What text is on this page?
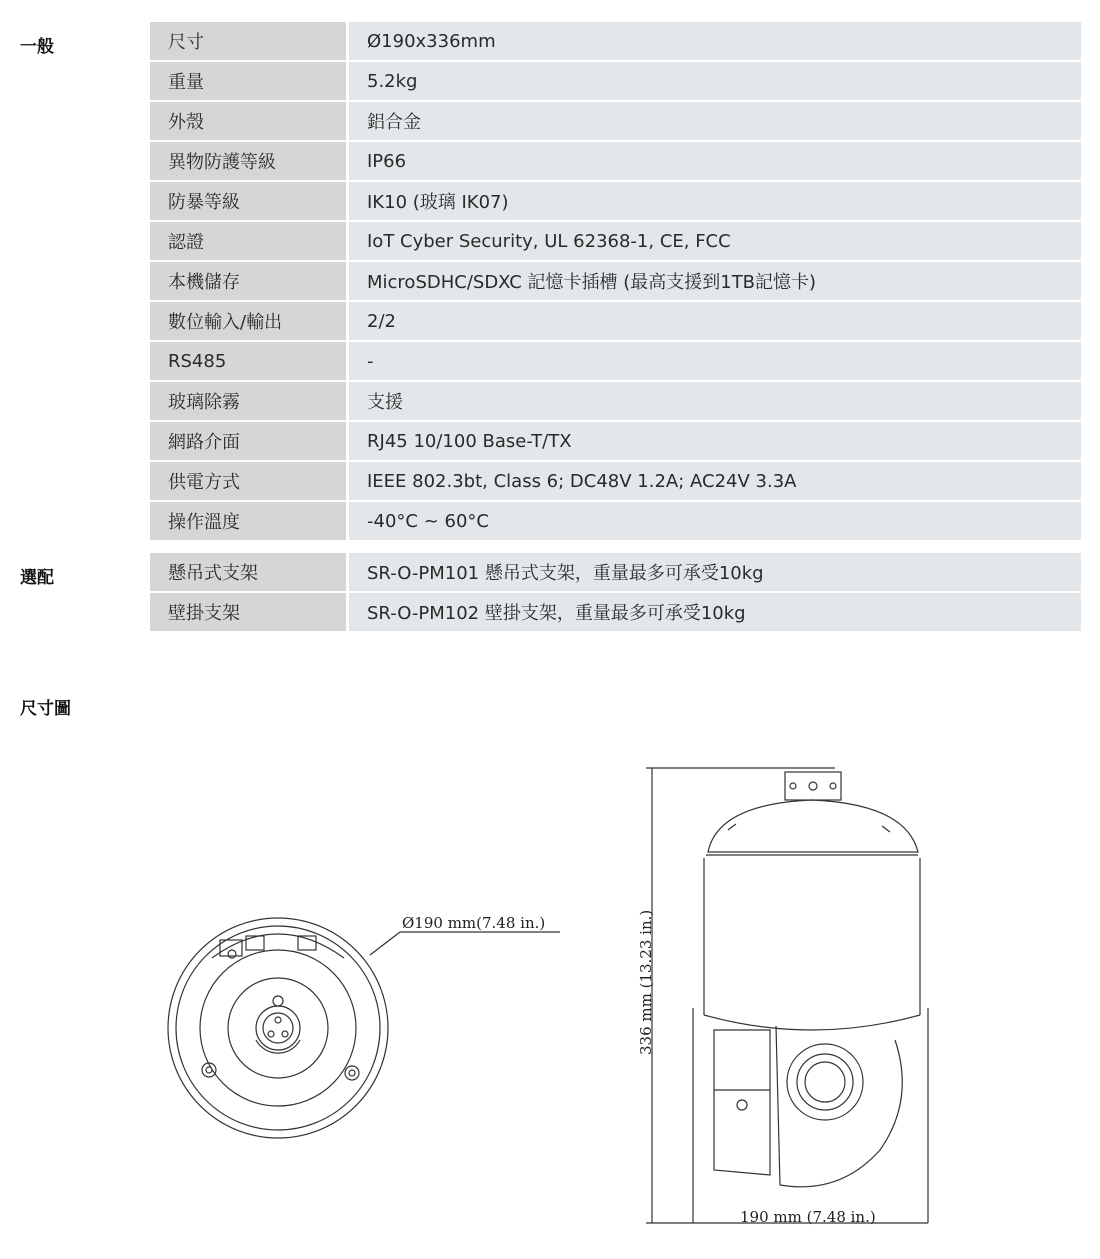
一般	尺寸	Ø190x336mm
重量	5.2kg
外殼	鋁合金
異物防護等級	IP66
防暴等級	IK10 (玻璃 IK07)
認證	IoT Cyber Security, UL 62368-1, CE, FCC
本機儲存	MicroSDHC/SDXC 記憶卡插槽 (最高支援到1TB記憶卡)
數位輸入/輸出	2/2
RS485	-
玻璃除霧	支援
網路介面	RJ45 10/100 Base-T/TX
供電方式	IEEE 802.3bt, Class 6; DC48V 1.2A; AC24V 3.3A
操作溫度	-40°C ~ 60°C
選配	懸吊式支架	SR-O-PM101 懸吊式支架，重量最多可承受10kg
壁掛支架	SR-O-PM102 壁掛支架，重量最多可承受10kg
尺寸圖
Ø190 mm(7.48 in.)	336 mm (13.23 in.)
190 mm (7.48 in.)
